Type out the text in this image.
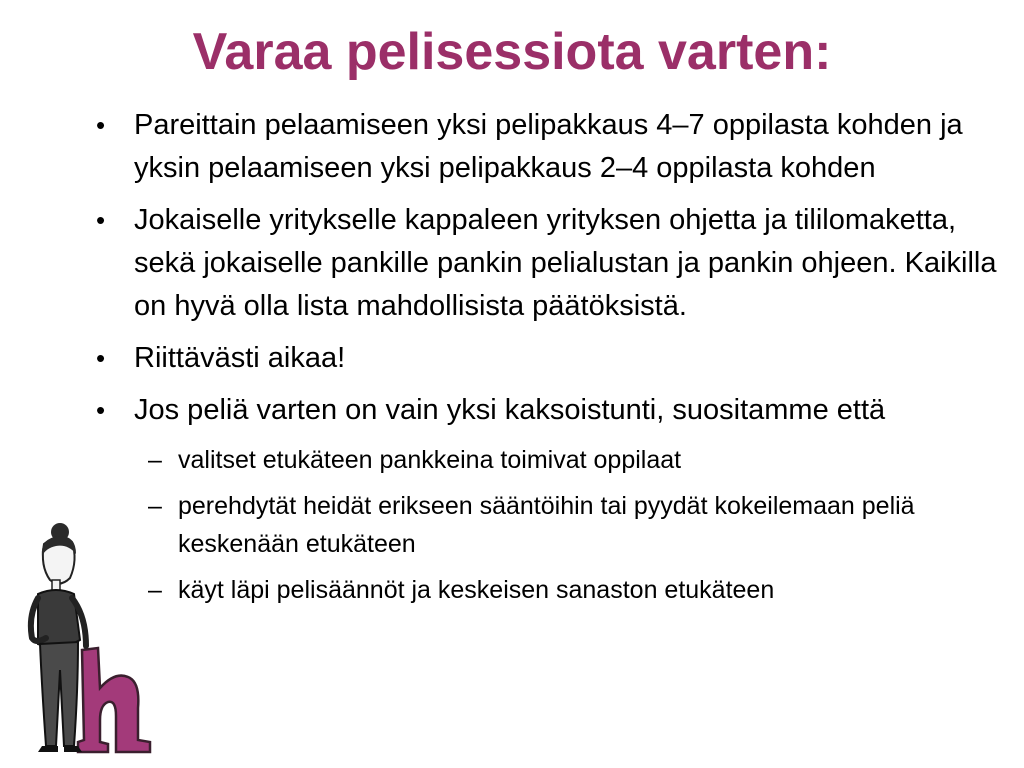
Varaa pelisessiota varten:
• Pareittain pelaamiseen yksi pelipakkaus 4–7 oppilasta kohden ja yksin pelaamiseen yksi pelipakkaus 2–4 oppilasta kohden
• Jokaiselle yritykselle kappaleen yrityksen ohjetta ja tililomaketta, sekä jokaiselle pankille pankin pelialustan ja pankin ohjeen. Kaikilla on hyvä olla lista mahdollisista päätöksistä.
• Riittävästi aikaa!
• Jos peliä varten on vain yksi kaksoistunti, suositamme että
– valitset etukäteen pankkeina toimivat oppilaat
– perehdytät heidät erikseen sääntöihin tai pyydät kokeilemaan peliä keskenään etukäteen
– käyt läpi pelisäännöt ja keskeisen sanaston etukäteen
